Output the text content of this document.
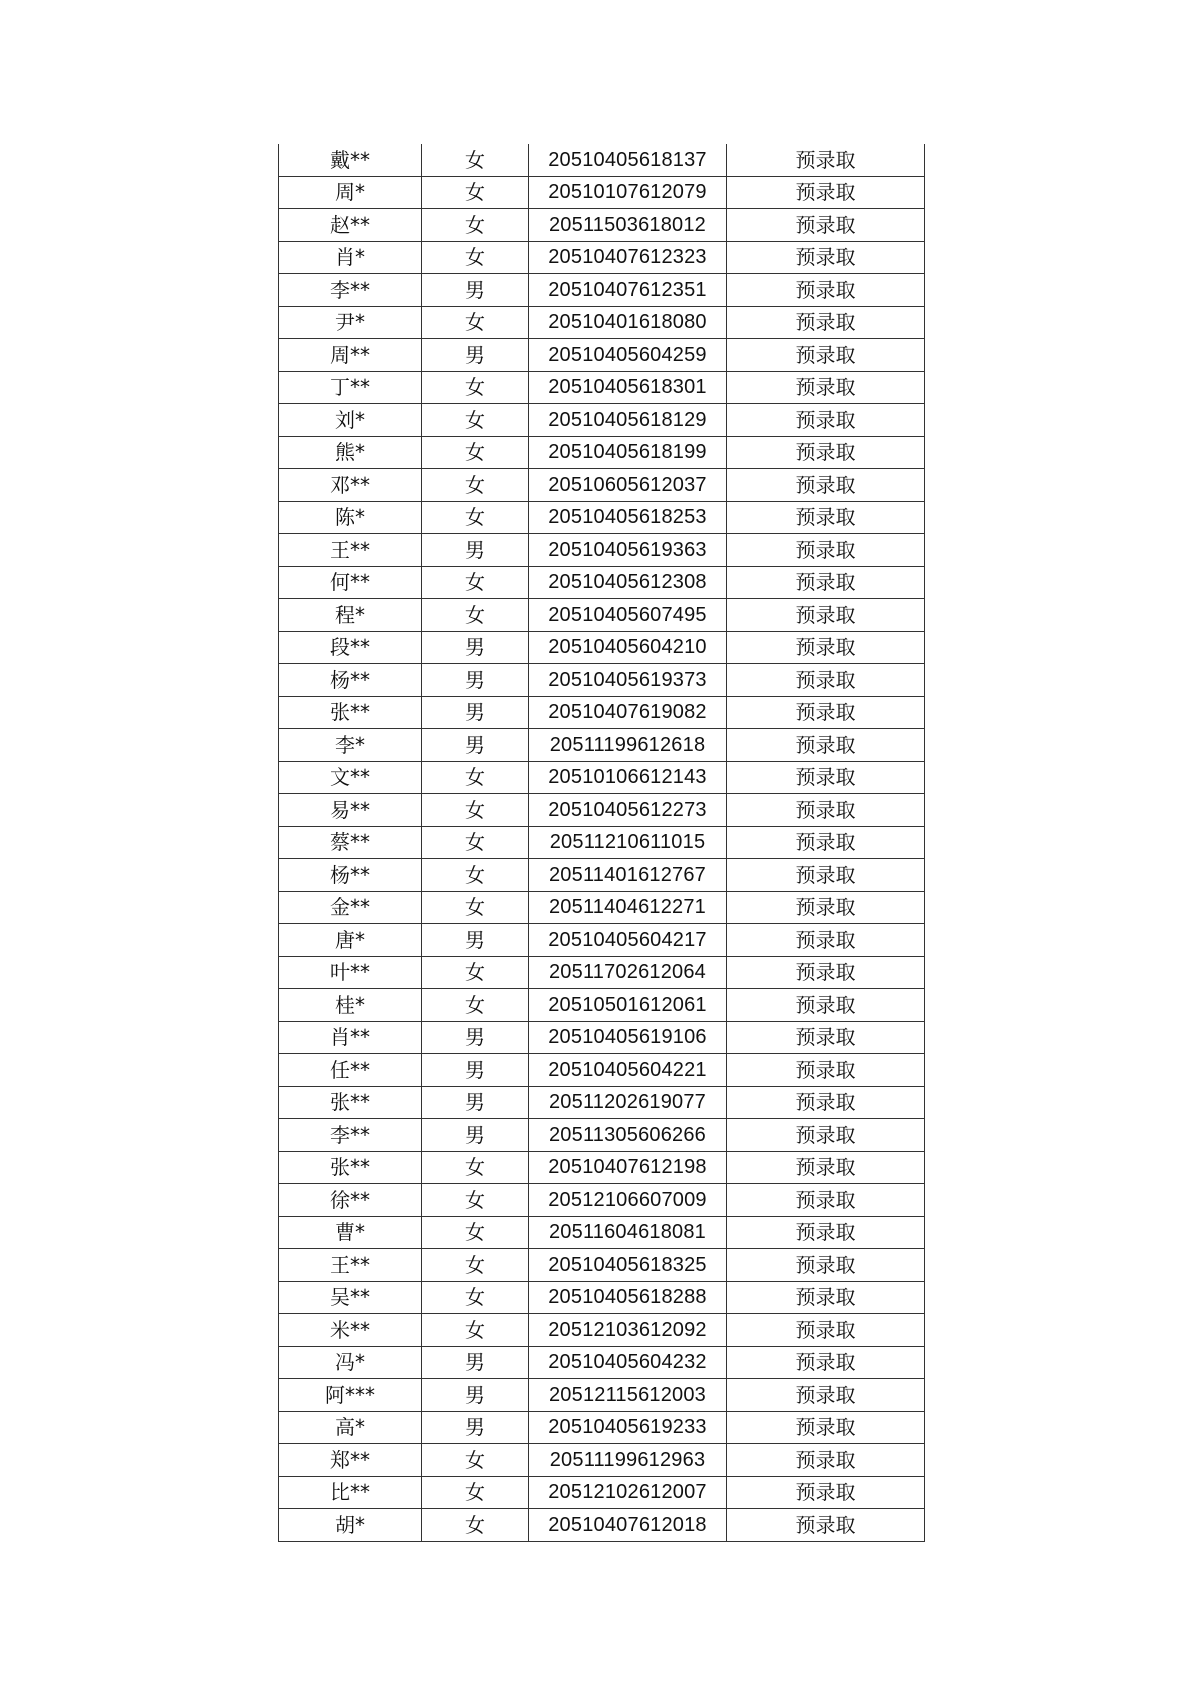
戴**	女	20510405618137	预录取
周*	女	20510107612079	预录取
赵**	女	20511503618012	预录取
肖*	女	20510407612323	预录取
李**	男	20510407612351	预录取
尹*	女	20510401618080	预录取
周**	男	20510405604259	预录取
丁**	女	20510405618301	预录取
刘*	女	20510405618129	预录取
熊*	女	20510405618199	预录取
邓**	女	20510605612037	预录取
陈*	女	20510405618253	预录取
王**	男	20510405619363	预录取
何**	女	20510405612308	预录取
程*	女	20510405607495	预录取
段**	男	20510405604210	预录取
杨**	男	20510405619373	预录取
张**	男	20510407619082	预录取
李*	男	20511199612618	预录取
文**	女	20510106612143	预录取
易**	女	20510405612273	预录取
蔡**	女	20511210611015	预录取
杨**	女	20511401612767	预录取
金**	女	20511404612271	预录取
唐*	男	20510405604217	预录取
叶**	女	20511702612064	预录取
桂*	女	20510501612061	预录取
肖**	男	20510405619106	预录取
任**	男	20510405604221	预录取
张**	男	20511202619077	预录取
李**	男	20511305606266	预录取
张**	女	20510407612198	预录取
徐**	女	20512106607009	预录取
曹*	女	20511604618081	预录取
王**	女	20510405618325	预录取
吴**	女	20510405618288	预录取
米**	女	20512103612092	预录取
冯*	男	20510405604232	预录取
阿***	男	20512115612003	预录取
高*	男	20510405619233	预录取
郑**	女	20511199612963	预录取
比**	女	20512102612007	预录取
胡*	女	20510407612018	预录取
